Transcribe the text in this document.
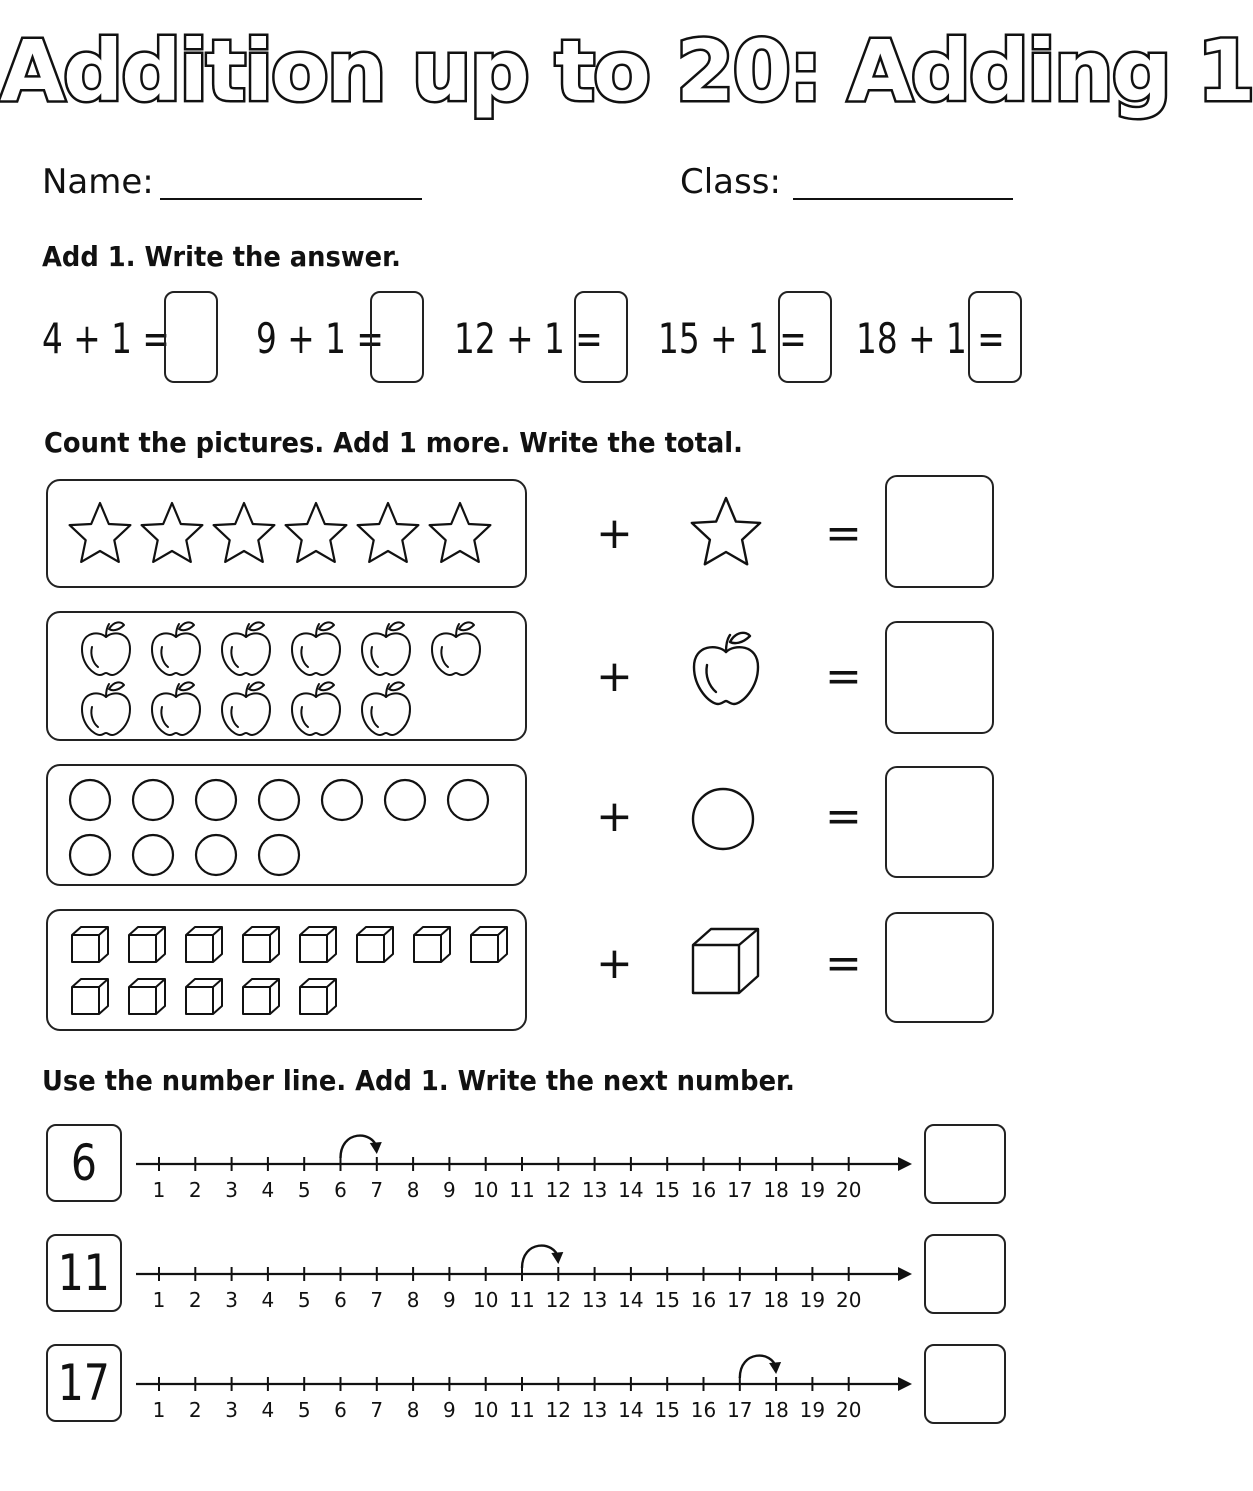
Addition up to 20: Adding 1
Name:	Class:
Add 1. Write the answer.
4 + 1 = 9 + 1 = 12 + 1 = 15 + 1 = 18 + 1 =
Count the pictures. Add 1 more. Write the total.
+	=
+	=
+	=
+	=
Use the number line. Add 1. Write the next number.
6	1 2 3 4 5 6 7 8 9 10 11 12 13 14 15 16 17 18 19 20
11 1 2 3 4 5 6 7 8 9 10 11 12 13 14 15 16 17 18 19 20
17 1 2 3 4 5 6 7 8 9 10 11 12 13 14 15 16 17 18 19 20
